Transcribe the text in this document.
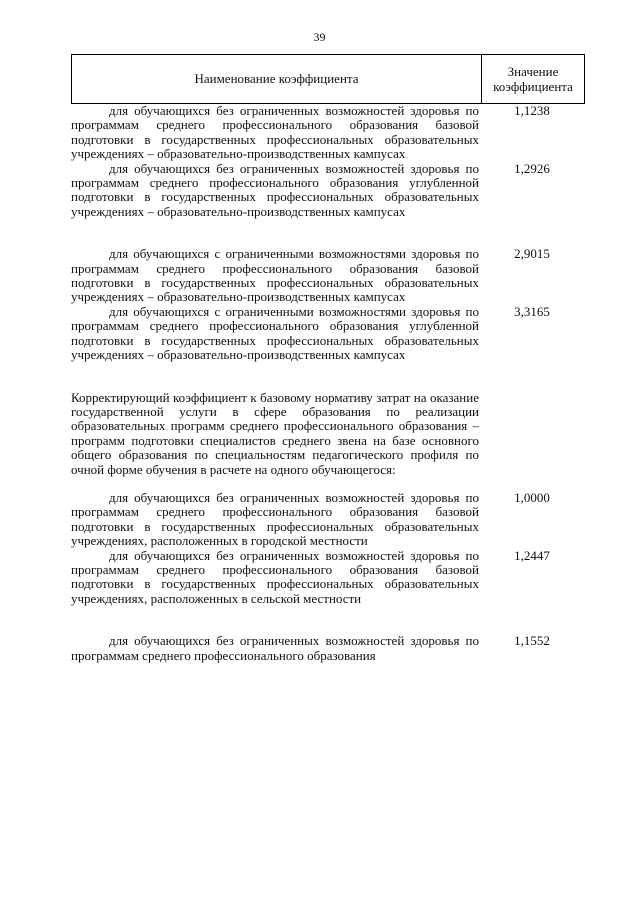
39
Наименование коэффициента	Значение
коэффициента
для обучающихся без ограниченных возможностей здоровья по программам среднего профессионального образования базовой подготовки в государственных профессиональных образовательных учреждениях – образовательно-производственных кампусах
1,1238
для обучающихся без ограниченных возможностей здоровья по программам среднего профессионального образования углубленной подготовки в государственных профессиональных образовательных учреждениях – образовательно-производственных кампусах
1,2926
для обучающихся с ограниченными возможностями здоровья по программам среднего профессионального образования базовой подготовки в государственных профессиональных образовательных учреждениях – образовательно-производственных кампусах
2,9015
для обучающихся с ограниченными возможностями здоровья по программам среднего профессионального образования углубленной подготовки в государственных профессиональных образовательных учреждениях – образовательно-производственных кампусах
3,3165
Корректирующий коэффициент к базовому нормативу затрат на оказание государственной услуги в сфере образования по реализации образовательных программ среднего профессионального образования – программ подготовки специалистов среднего звена на базе основного общего образования по специальностям педагогического профиля по очной форме обучения в расчете на одного обучающегося:
для обучающихся без ограниченных возможностей здоровья по программам среднего профессионального образования базовой подготовки в государственных профессиональных образовательных учреждениях, расположенных в городской местности
1,0000
для обучающихся без ограниченных возможностей здоровья по программам среднего профессионального образования базовой подготовки в государственных профессиональных образовательных учреждениях, расположенных в сельской местности
1,2447
для обучающихся без ограниченных возможностей здоровья по программам среднего профессионального образования
1,1552
